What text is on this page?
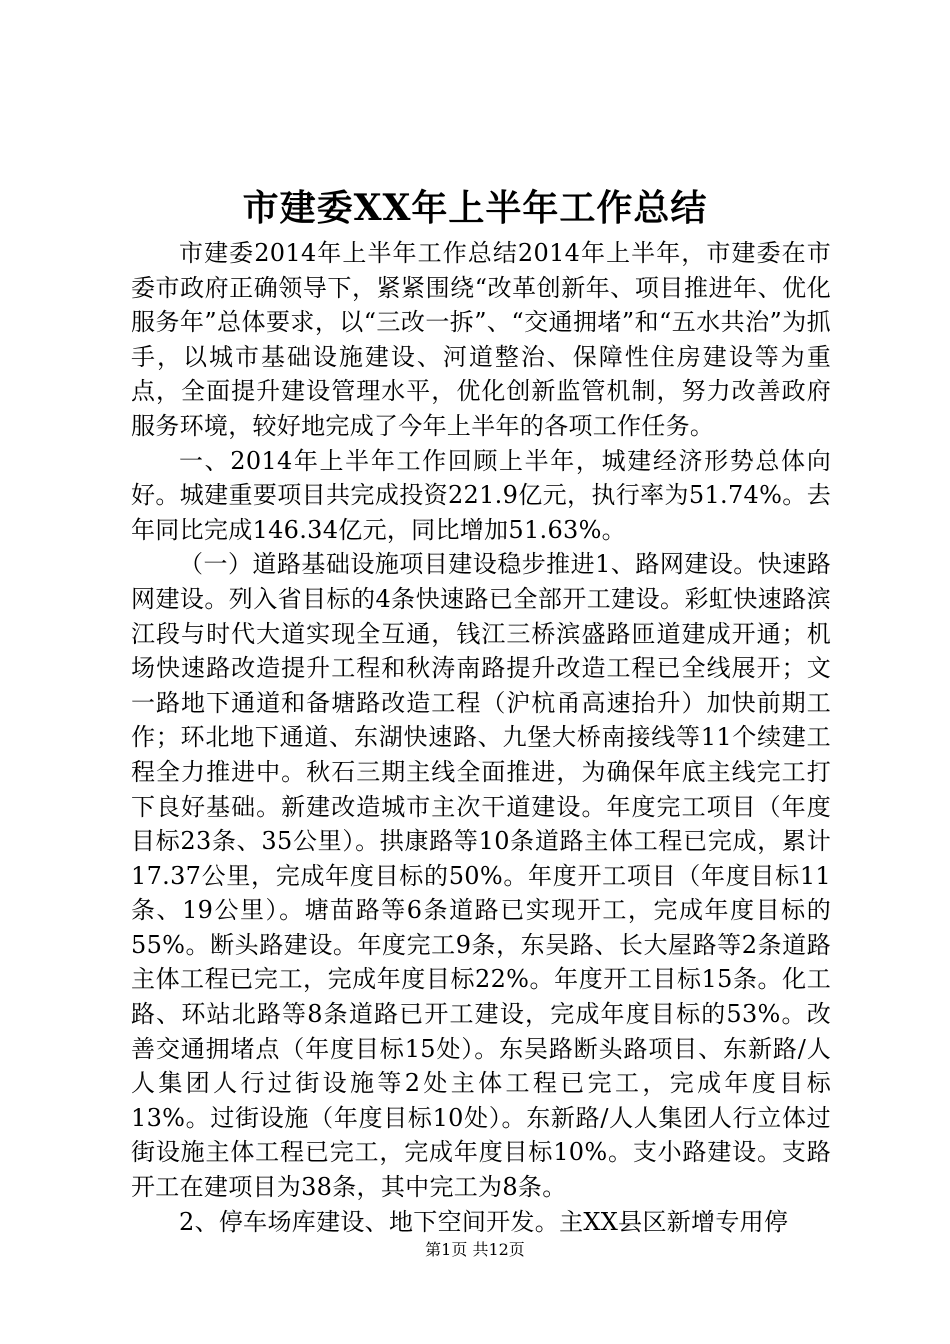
市建委XX年上半年工作总结

市建委2014年上半年工作总结2014年上半年，市建委在市委市政府正确领导下，紧紧围绕“改革创新年、项目推进年、优化服务年”总体要求，以“三改一拆”、“交通拥堵”和“五水共治”为抓手，以城市基础设施建设、河道整治、保障性住房建设等为重点，全面提升建设管理水平，优化创新监管机制，努力改善政府服务环境，较好地完成了今年上半年的各项工作任务。

一、2014年上半年工作回顾上半年，城建经济形势总体向好。城建重要项目共完成投资221.9亿元，执行率为51.74%。去年同比完成146.34亿元，同比增加51.63%。

（一）道路基础设施项目建设稳步推进1、路网建设。快速路网建设。列入省目标的4条快速路已全部开工建设。彩虹快速路滨江段与时代大道实现全互通，钱江三桥滨盛路匝道建成开通；机场快速路改造提升工程和秋涛南路提升改造工程已全线展开；文一路地下通道和备塘路改造工程（沪杭甬高速抬升）加快前期工作；环北地下通道、东湖快速路、九堡大桥南接线等11个续建工程全力推进中。秋石三期主线全面推进，为确保年底主线完工打下良好基础。新建改造城市主次干道建设。年度完工项目（年度目标23条、35公里）。拱康路等10条道路主体工程已完成，累计17.37公里，完成年度目标的50%。年度开工项目（年度目标11条、19公里）。塘苗路等6条道路已实现开工，完成年度目标的55%。断头路建设。年度完工9条，东吴路、长大屋路等2条道路主体工程已完工，完成年度目标22%。年度开工目标15条。化工路、环站北路等8条道路已开工建设，完成年度目标的53%。改善交通拥堵点（年度目标15处）。东吴路断头路项目、东新路/人人集团人行过街设施等2处主体工程已完工，完成年度目标13%。过街设施（年度目标10处）。东新路/人人集团人行立体过街设施主体工程已完工，完成年度目标10%。支小路建设。支路开工在建项目为38条，其中完工为8条。

2、停车场库建设、地下空间开发。主XX县区新增专用停

第1页 共12页
